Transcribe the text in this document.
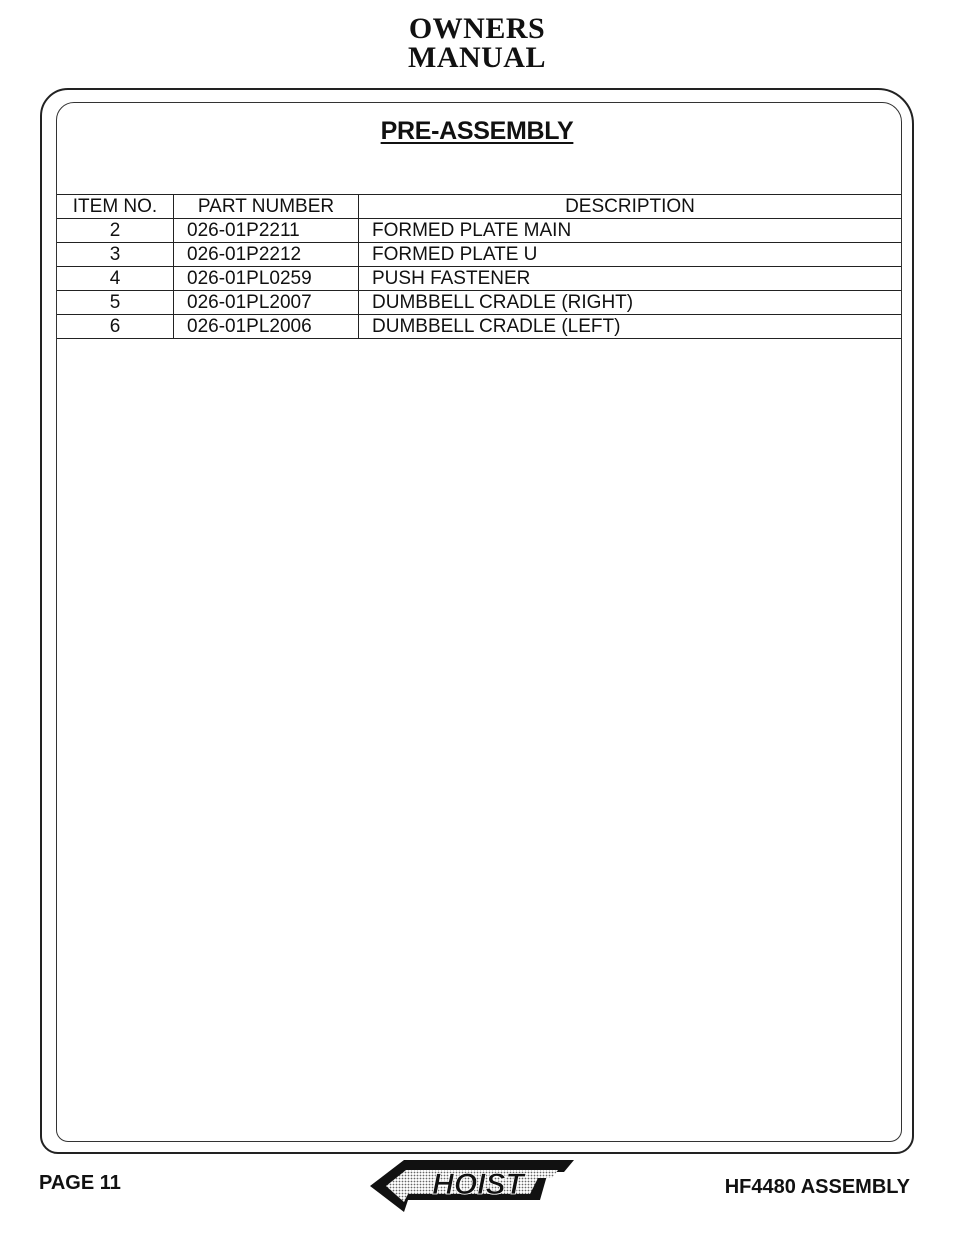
OWNERS
MANUAL
PRE-ASSEMBLY
ITEM NO.	PART NUMBER	DESCRIPTION
2	026-01P2211	FORMED PLATE MAIN
3	026-01P2212	FORMED PLATE U
4	026-01PL0259	PUSH FASTENER
5	026-01PL2007	DUMBBELL CRADLE (RIGHT)
6	026-01PL2006	DUMBBELL CRADLE (LEFT)
PAGE 11	HOIST	HF4480 ASSEMBLY
